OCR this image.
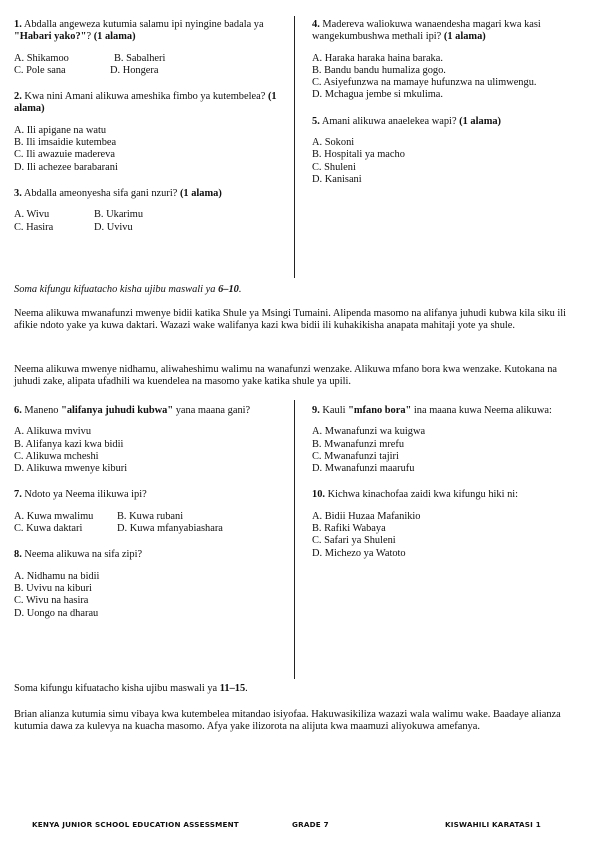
1. Abdalla angeweza kutumia salamu ipi nyingine badala ya "Habari yako?"? (1 alama)

A. Shikamoo	B. Sabalheri
C. Pole sana	D. Hongera

2. Kwa nini Amani alikuwa ameshika fimbo ya kutembelea? (1 alama)

A. Ili apigane na watu

B. Ili imsaidie kutembea

C. Ili awazuie madereva

D. Ili achezee barabarani

3. Abdalla ameonyesha sifa gani nzuri? (1 alama)

A. Wivu	B. Ukarimu
C. Hasira	D. Uvivu

4. Madereva waliokuwa wanaendesha magari kwa kasi wangekumbushwa methali ipi? (1 alama)

A. Haraka haraka haina baraka.

B. Bandu bandu humaliza gogo.

C. Asiyefunzwa na mamaye hufunzwa na ulimwengu.

D. Mchagua jembe si mkulima.

5. Amani alikuwa anaelekea wapi? (1 alama)

A. Sokoni

B. Hospitali ya macho

C. Shuleni

D. Kanisani

Soma kifungu kifuatacho kisha ujibu maswali ya 6–10.
Neema alikuwa mwanafunzi mwenye bidii katika Shule ya Msingi Tumaini. Alipenda masomo na alifanya juhudi kubwa kila siku ili afikie ndoto yake ya kuwa daktari. Wazazi wake walifanya kazi kwa bidii ili kuhakikisha anapata mahitaji yote ya shule.
Neema alikuwa mwenye nidhamu, aliwaheshimu walimu na wanafunzi wenzake. Alikuwa mfano bora kwa wenzake. Kutokana na juhudi zake, alipata ufadhili wa kuendelea na masomo yake katika shule ya upili.

6. Maneno "alifanya juhudi kubwa" yana maana gani?

A. Alikuwa mvivu

B. Alifanya kazi kwa bidii

C. Alikuwa mcheshi

D. Alikuwa mwenye kiburi

7. Ndoto ya Neema ilikuwa ipi?

A. Kuwa mwalimu	B. Kuwa rubani
C. Kuwa daktari	D. Kuwa mfanyabiashara

8. Neema alikuwa na sifa zipi?

A. Nidhamu na bidii

B. Uvivu na kiburi

C. Wivu na hasira

D. Uongo na dharau

9. Kauli "mfano bora" ina maana kuwa Neema alikuwa:

A. Mwanafunzi wa kuigwa

B. Mwanafunzi mrefu

C. Mwanafunzi tajiri

D. Mwanafunzi maarufu

10. Kichwa kinachofaa zaidi kwa kifungu hiki ni:

A. Bidii Huzaa Mafanikio

B. Rafiki Wabaya

C. Safari ya Shuleni

D. Michezo ya Watoto

Soma kifungu kifuatacho kisha ujibu maswali ya 11–15.
Brian alianza kutumia simu vibaya kwa kutembelea mitandao isiyofaa. Hakuwasikiliza wazazi wala walimu wake. Baadaye alianza kutumia dawa za kulevya na kuacha masomo. Afya yake ilizorota na alijuta kwa maamuzi aliyokuwa amefanya.
KENYA JUNIOR SCHOOL EDUCATION ASSESSMENT	GRADE 7	KISWAHILI KARATASI 1
